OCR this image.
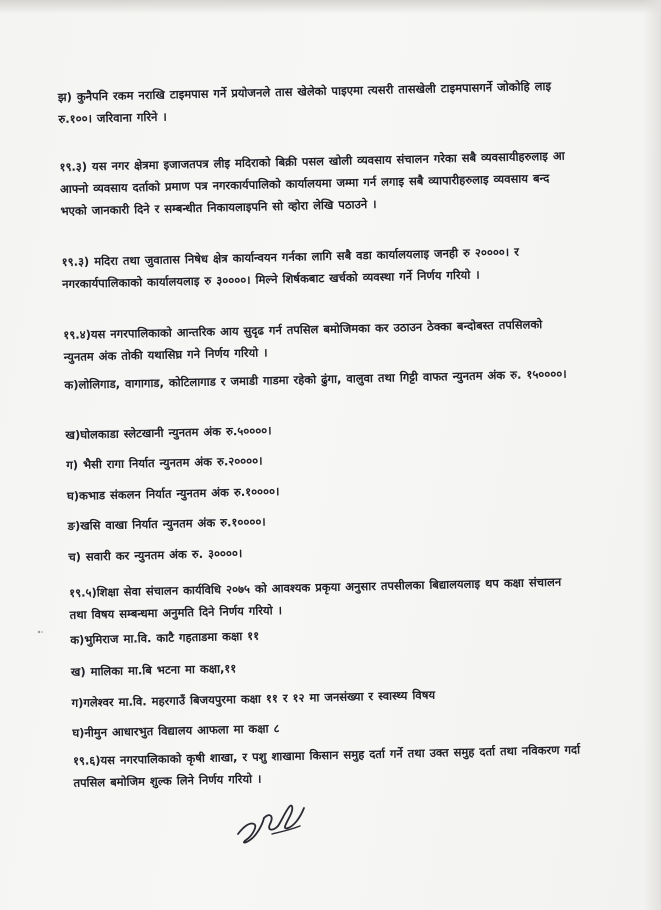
झ) कुनैपनि रकम नराखि टाइमपास गर्ने प्रयोजनले तास खेलेको पाइएमा त्यसरी तासखेली टाइमपासगर्ने जोकोहि लाइ रु.१००। जरिवाना गरिने ।
१९.३) यस नगर क्षेत्रमा इजाजतपत्र लीइ मदिराको बिक्री पसल खोली व्यवसाय संचालन गरेका सबै व्यवसायीहरुलाइ आ आफ्नो व्यवसाय दर्ताको प्रमाण पत्र नगरकार्यपालिको कार्यालयमा जम्मा गर्न लगाइ सबै व्यापारीहरुलाइ व्यवसाय बन्द भएको जानकारी दिने र सम्बन्धीत निकायलाइपनि सो व्होरा लेखि पठाउने ।
१९.३) मदिरा तथा जुवातास निषेध क्षेत्र कार्यान्वयन गर्नका लागि सबै वडा कार्यालयलाइ जनही रु २००००। र नगरकार्यपालिकाको कार्यालयलाइ रु ३००००। मिल्ने शिर्षकबाट खर्चको व्यवस्था गर्ने निर्णय गरियो ।
१९.४)यस नगरपालिकाको आन्तरिक आय सुदृढ गर्न तपसिल बमोजिमका कर उठाउन ठेक्का बन्दोबस्त तपसिलको न्युनतम अंक तोकी यथासिघ्र गने निर्णय गरियो ।
क)लोलिगाड, वागागाड, कोटिलागाड र जमाडी गाडमा रहेको ढुंगा, वालुवा तथा गिट्टी वाफत न्युनतम अंक रु. १५००००।
ख)घोलकाडा स्लेटखानी न्युनतम अंक रु.५००००।
ग) भैसी रागा निर्यात न्युनतम अंक रु.२००००।
घ)कभाड संकलन निर्यात न्युनतम अंक रु.१००००।
ङ)खसि वाखा निर्यात न्युनतम अंक रु.१००००।
च) सवारी कर न्युनतम अंक रु. ३००००।
१९.५)शिक्षा सेवा संचालन कार्यविधि २०७५ को आवश्यक प्रकृया अनुसार तपसीलका बिद्यालयलाइ थप कक्षा संचालन तथा विषय सम्बन्धमा अनुमति दिने निर्णय गरियो ।
क)भुमिराज मा.वि. काटै गहताडमा कक्षा ११
ख) मालिका मा.बि भटना मा कक्षा,११
ग)गलेश्वर मा.वि. महरगाउँ बिजयपुरमा कक्षा ११ र १२ मा जनसंख्या र स्वास्थ्य विषय
घ)नीमुन आधारभुत विद्यालय आफला मा कक्षा ८
१९.६)यस नगरपालिकाको कृषी शाखा, र पशु शाखामा किसान समुह दर्ता गर्ने तथा उक्त समुह दर्ता तथा नविकरण गर्दा तपसिल बमोजिम शुल्क लिने निर्णय गरियो ।
